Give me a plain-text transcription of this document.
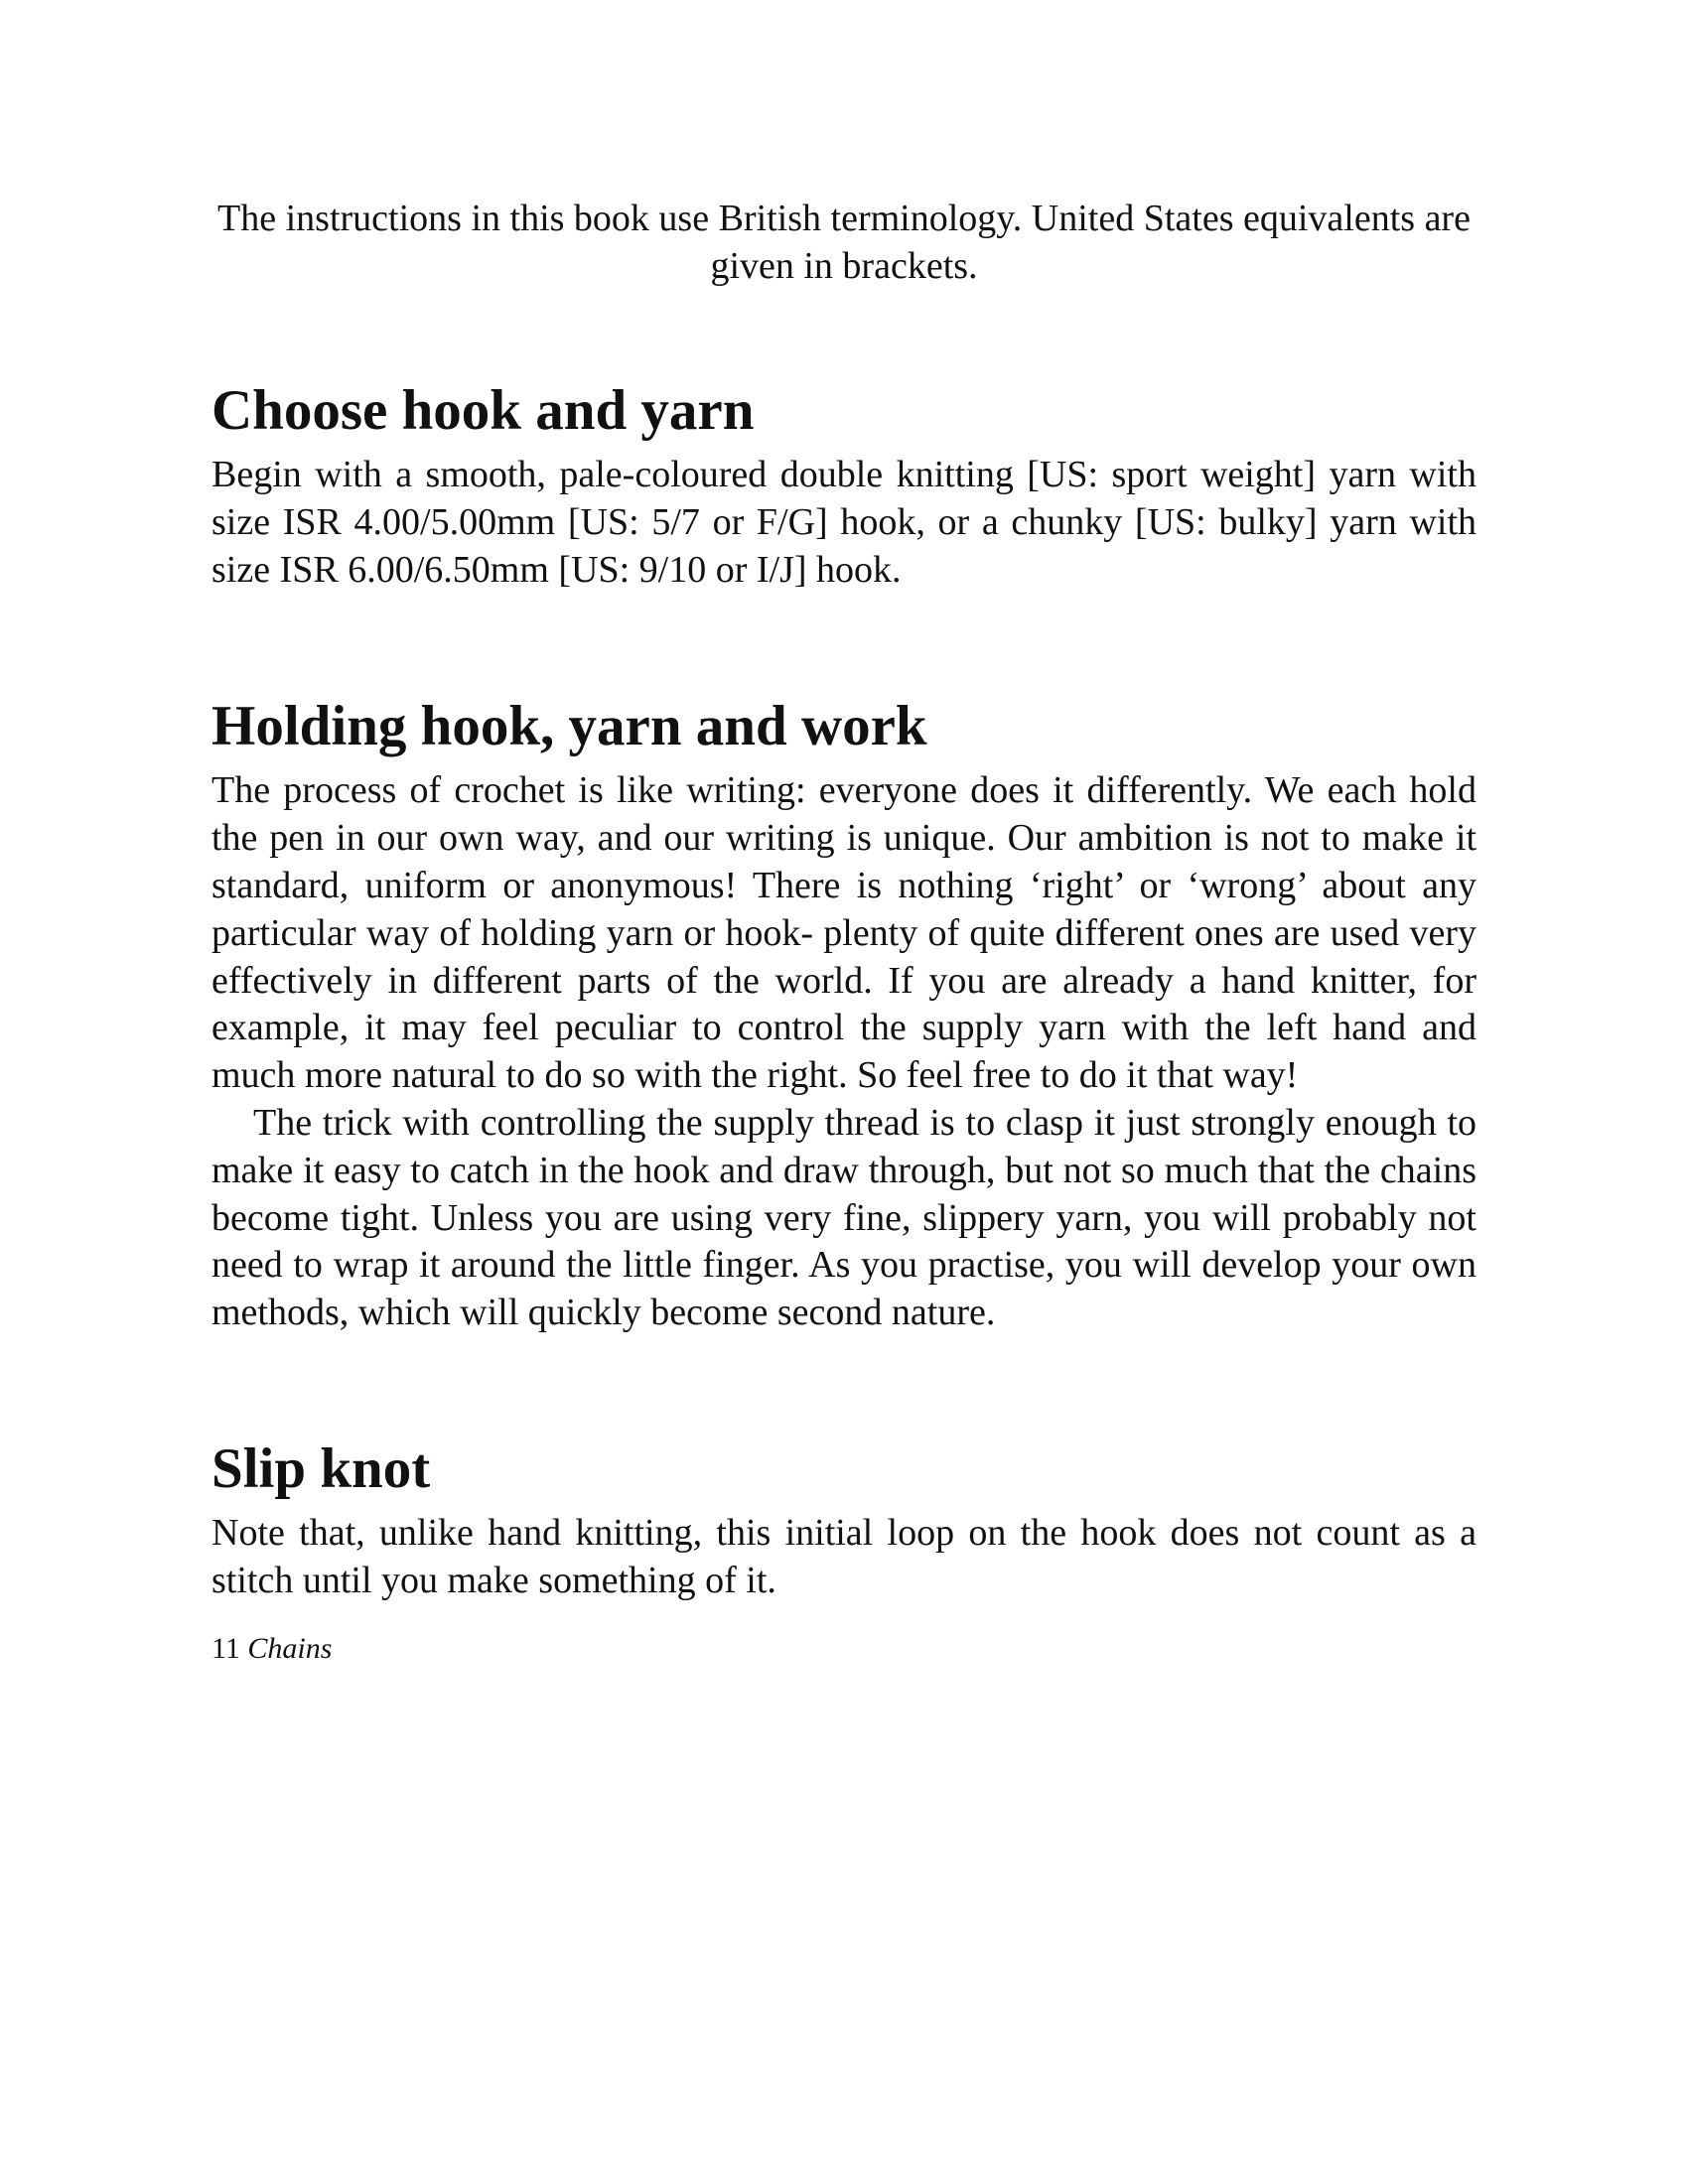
The instructions in this book use British terminology. United States equivalents are given in brackets.

Choose hook and yarn

Begin with a smooth, pale-coloured double knitting [US: sport weight] yarn with size ISR 4.00/5.00mm [US: 5/7 or F/G] hook, or a chunky [US: bulky] yarn with size ISR 6.00/6.50mm [US: 9/10 or I/J] hook.

Holding hook, yarn and work

The process of crochet is like writing: everyone does it differently. We each hold the pen in our own way, and our writing is unique. Our ambition is not to make it standard, uniform or anonymous! There is nothing ‘right’ or ‘wrong’ about any particular way of holding yarn or hook- plenty of quite different ones are used very effectively in different parts of the world. If you are already a hand knitter, for example, it may feel peculiar to control the supply yarn with the left hand and much more natural to do so with the right. So feel free to do it that way!

The trick with controlling the supply thread is to clasp it just strongly enough to make it easy to catch in the hook and draw through, but not so much that the chains become tight. Unless you are using very fine, slippery yarn, you will probably not need to wrap it around the little finger. As you practise, you will develop your own methods, which will quickly become second nature.

Slip knot

Note that, unlike hand knitting, this initial loop on the hook does not count as a stitch until you make something of it.

11 Chains
